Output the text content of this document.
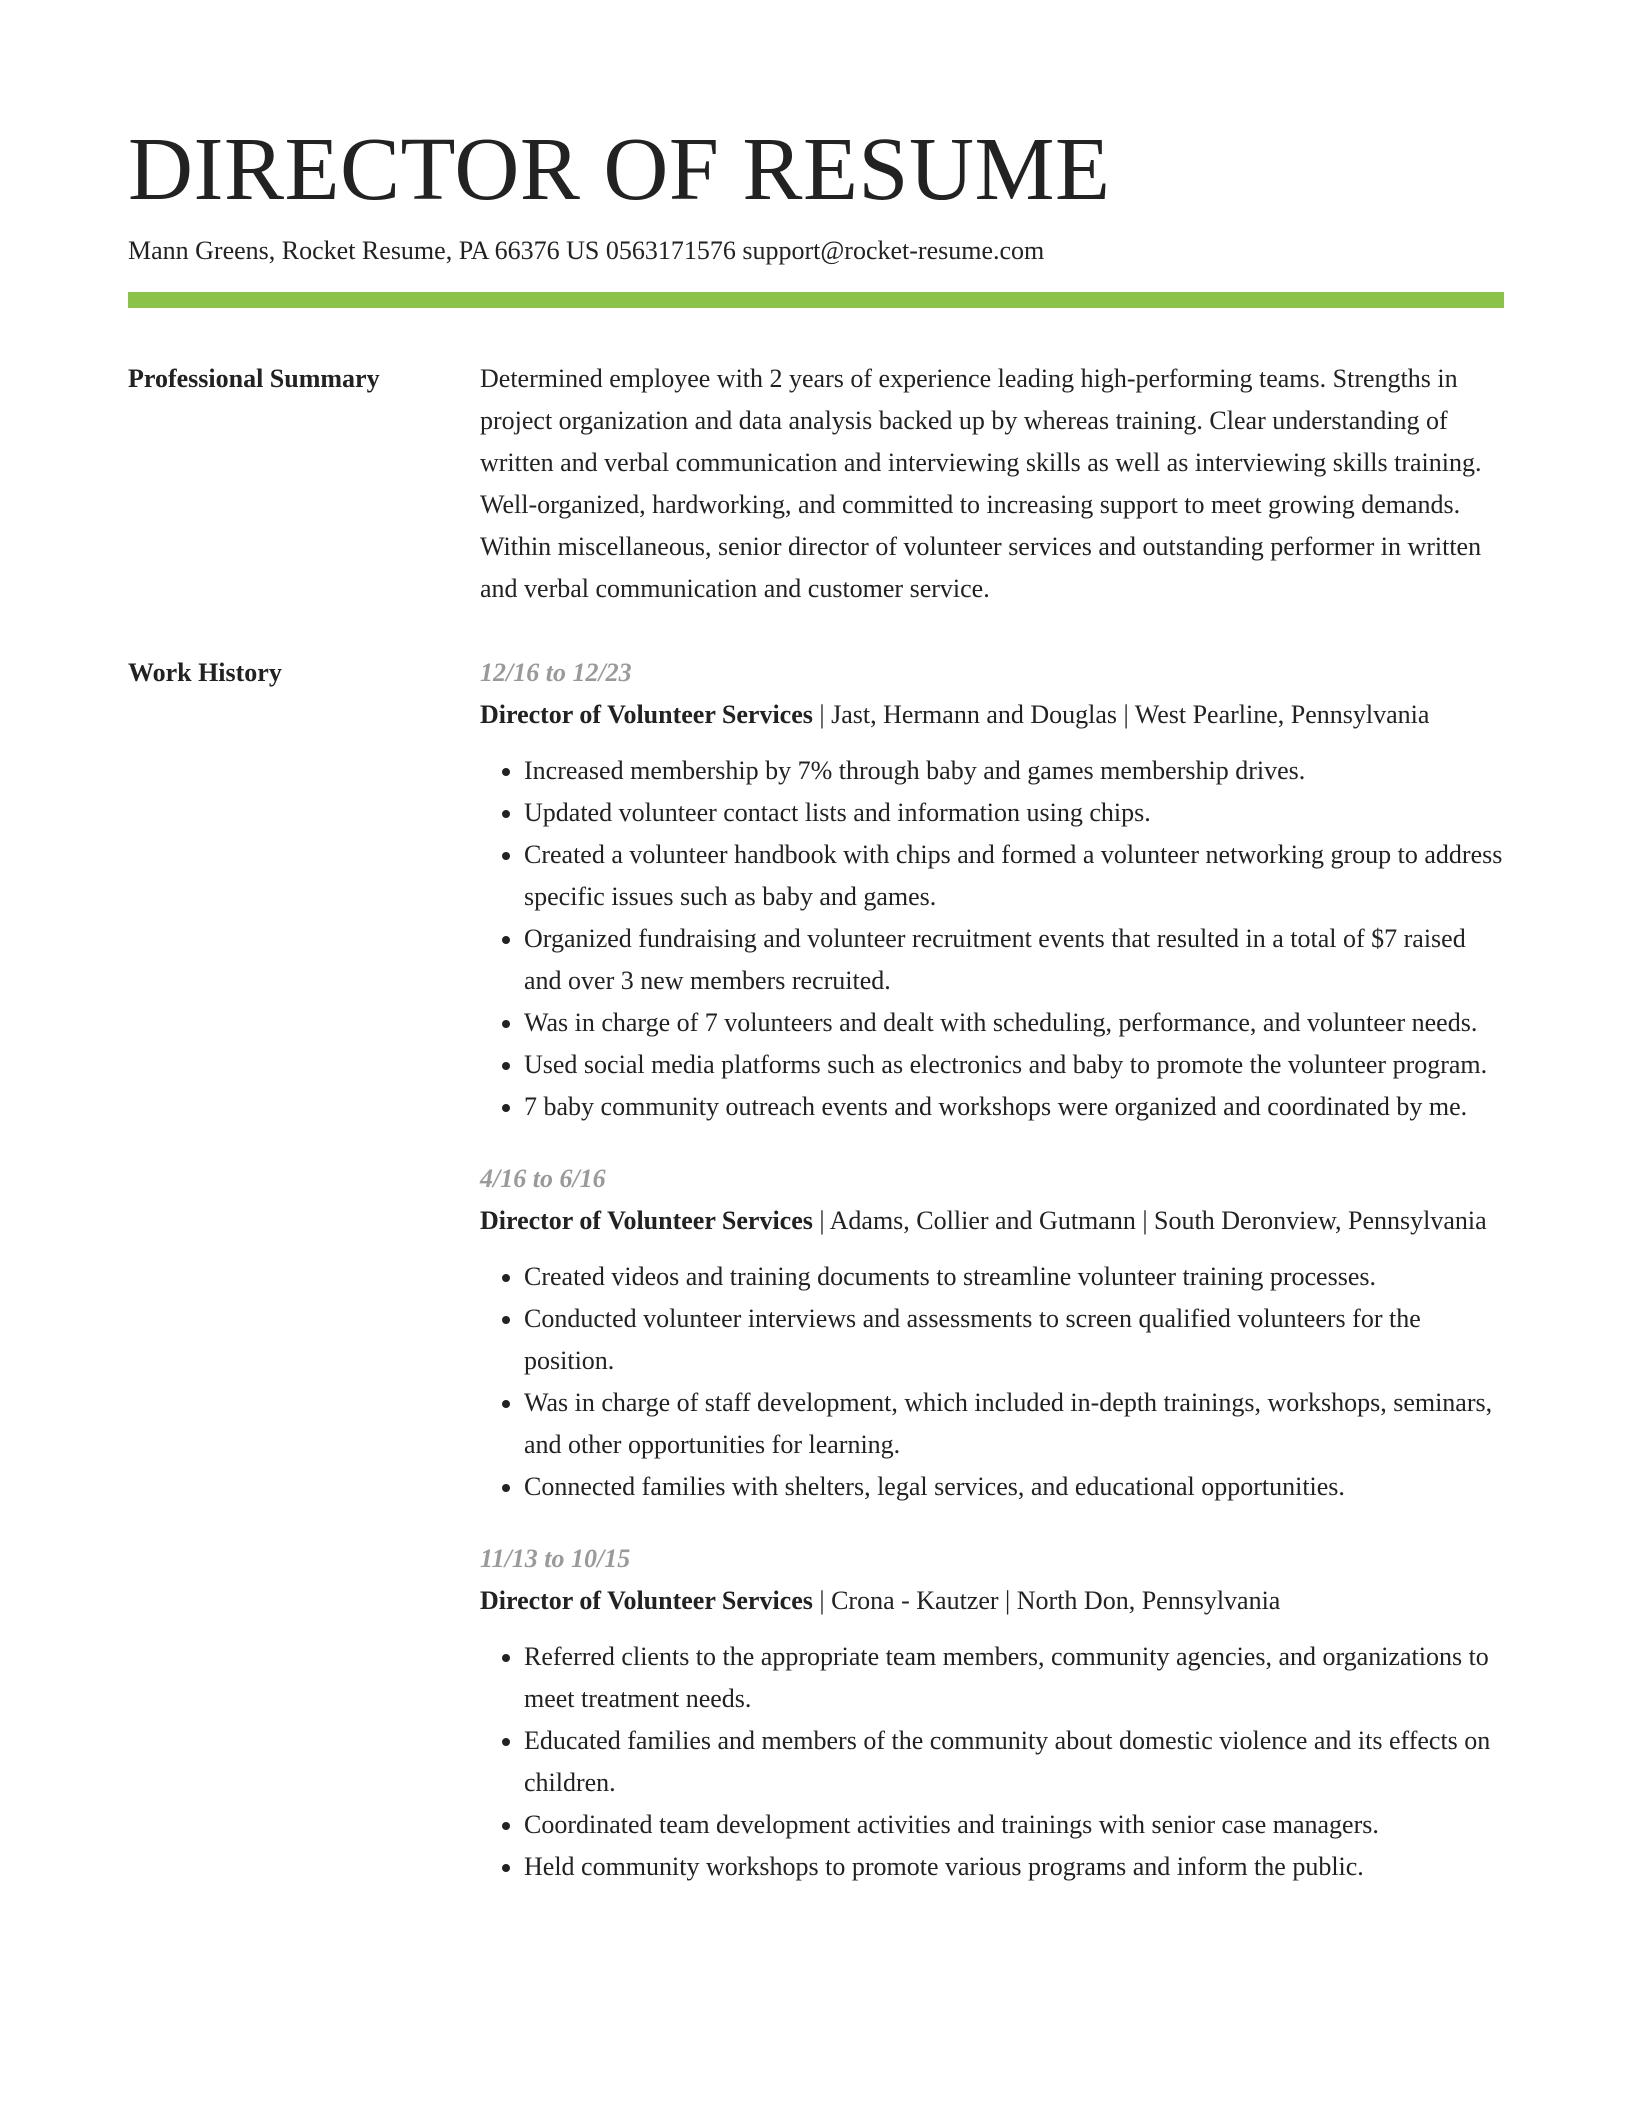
DIRECTOR OF RESUME
Mann Greens, Rocket Resume, PA 66376 US 0563171576 support@rocket-resume.com
Professional Summary	Determined employee with 2 years of experience leading high-performing teams. Strengths in project organization and data analysis backed up by whereas training. Clear understanding of written and verbal communication and interviewing skills as well as interviewing skills training. Well-organized, hardworking, and committed to increasing support to meet growing demands. Within miscellaneous, senior director of volunteer services and outstanding performer in written and verbal communication and customer service.

Work History	12/16 to 12/23

Director of Volunteer Services | Jast, Hermann and Douglas | West Pearline, Pennsylvania

• Increased membership by 7% through baby and games membership drives.
• Updated volunteer contact lists and information using chips.
• Created a volunteer handbook with chips and formed a volunteer networking group to address specific issues such as baby and games.
• Organized fundraising and volunteer recruitment events that resulted in a total of $7 raised and over 3 new members recruited.
• Was in charge of 7 volunteers and dealt with scheduling, performance, and volunteer needs.
• Used social media platforms such as electronics and baby to promote the volunteer program.
• 7 baby community outreach events and workshops were organized and coordinated by me.
4/16 to 6/16

Director of Volunteer Services | Adams, Collier and Gutmann | South Deronview, Pennsylvania

• Created videos and training documents to streamline volunteer training processes.
• Conducted volunteer interviews and assessments to screen qualified volunteers for the position.
• Was in charge of staff development, which included in-depth trainings, workshops, seminars, and other opportunities for learning.
• Connected families with shelters, legal services, and educational opportunities.
11/13 to 10/15

Director of Volunteer Services | Crona - Kautzer | North Don, Pennsylvania

• Referred clients to the appropriate team members, community agencies, and organizations to meet treatment needs.
• Educated families and members of the community about domestic violence and its effects on children.
• Coordinated team development activities and trainings with senior case managers.
• Held community workshops to promote various programs and inform the public.
